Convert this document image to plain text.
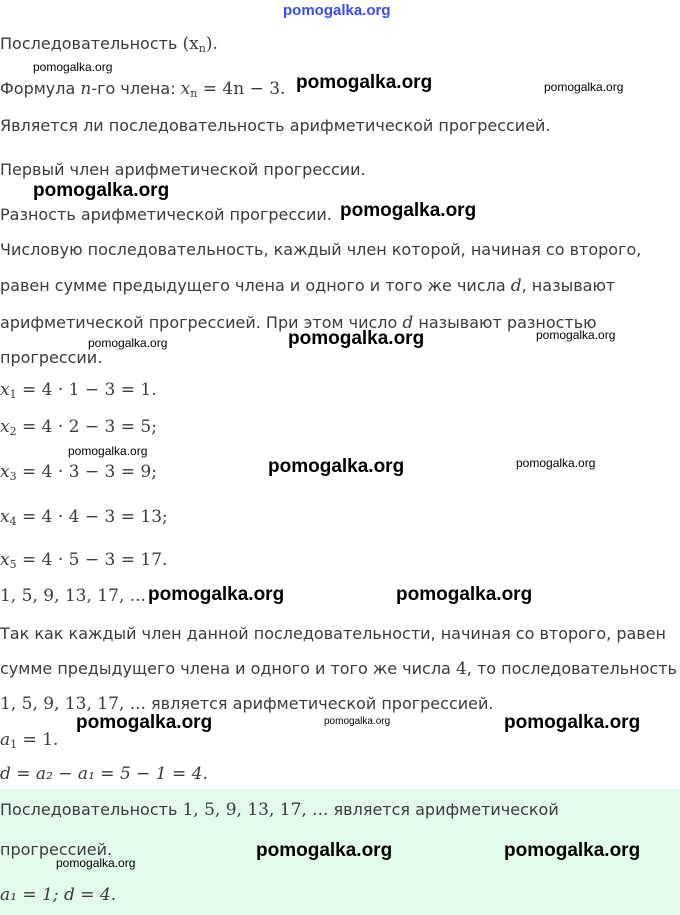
Последовательность $(x_n)$.
Формула n-го члена: $x_n = 4n - 3$.
Является ли последовательность арифметической прогрессией.
Первый член арифметической прогрессии.
Разность арифметической прогрессии.
Числовую последовательность, каждый член которой, начиная со второго,
равен сумме предыдущего члена и одного и того же числа d, называют
арифметической прогрессией. При этом число d называют разностью
прогрессии.
$x_1 = 4 \cdot 1 - 3 = 1$.
$x_2 = 4 \cdot 2 - 3 = 5$;
$x_3 = 4 \cdot 3 - 3 = 9$;
$x_4 = 4 \cdot 4 - 3 = 13$;
$x_5 = 4 \cdot 5 - 3 = 17$.
1, 5, 9, 13, 17, ...
Так как каждый член данной последовательности, начиная со второго, равен
сумме предыдущего члена и одного и того же числа 4, то последовательность
1, 5, 9, 13, 17, ... является арифметической прогрессией.
$a_1 = 1$.
d = a₂ − a₁ = 5 − 1 = 4.
Последовательность 1, 5, 9, 13, 17, ... является арифметической
прогрессией.
a₁ = 1; d = 4.
pomogalka.org
pomogalka.org
pomogalka.org	pomogalka.org
pomogalka.org
pomogalka.org
pomogalka.org	pomogalka.org	pomogalka.org
pomogalka.org
pomogalka.org	pomogalka.org
pomogalka.org	pomogalka.org
pomogalka.org	pomogalka.org	pomogalka.org
pomogalka.org
pomogalka.org	pomogalka.org
